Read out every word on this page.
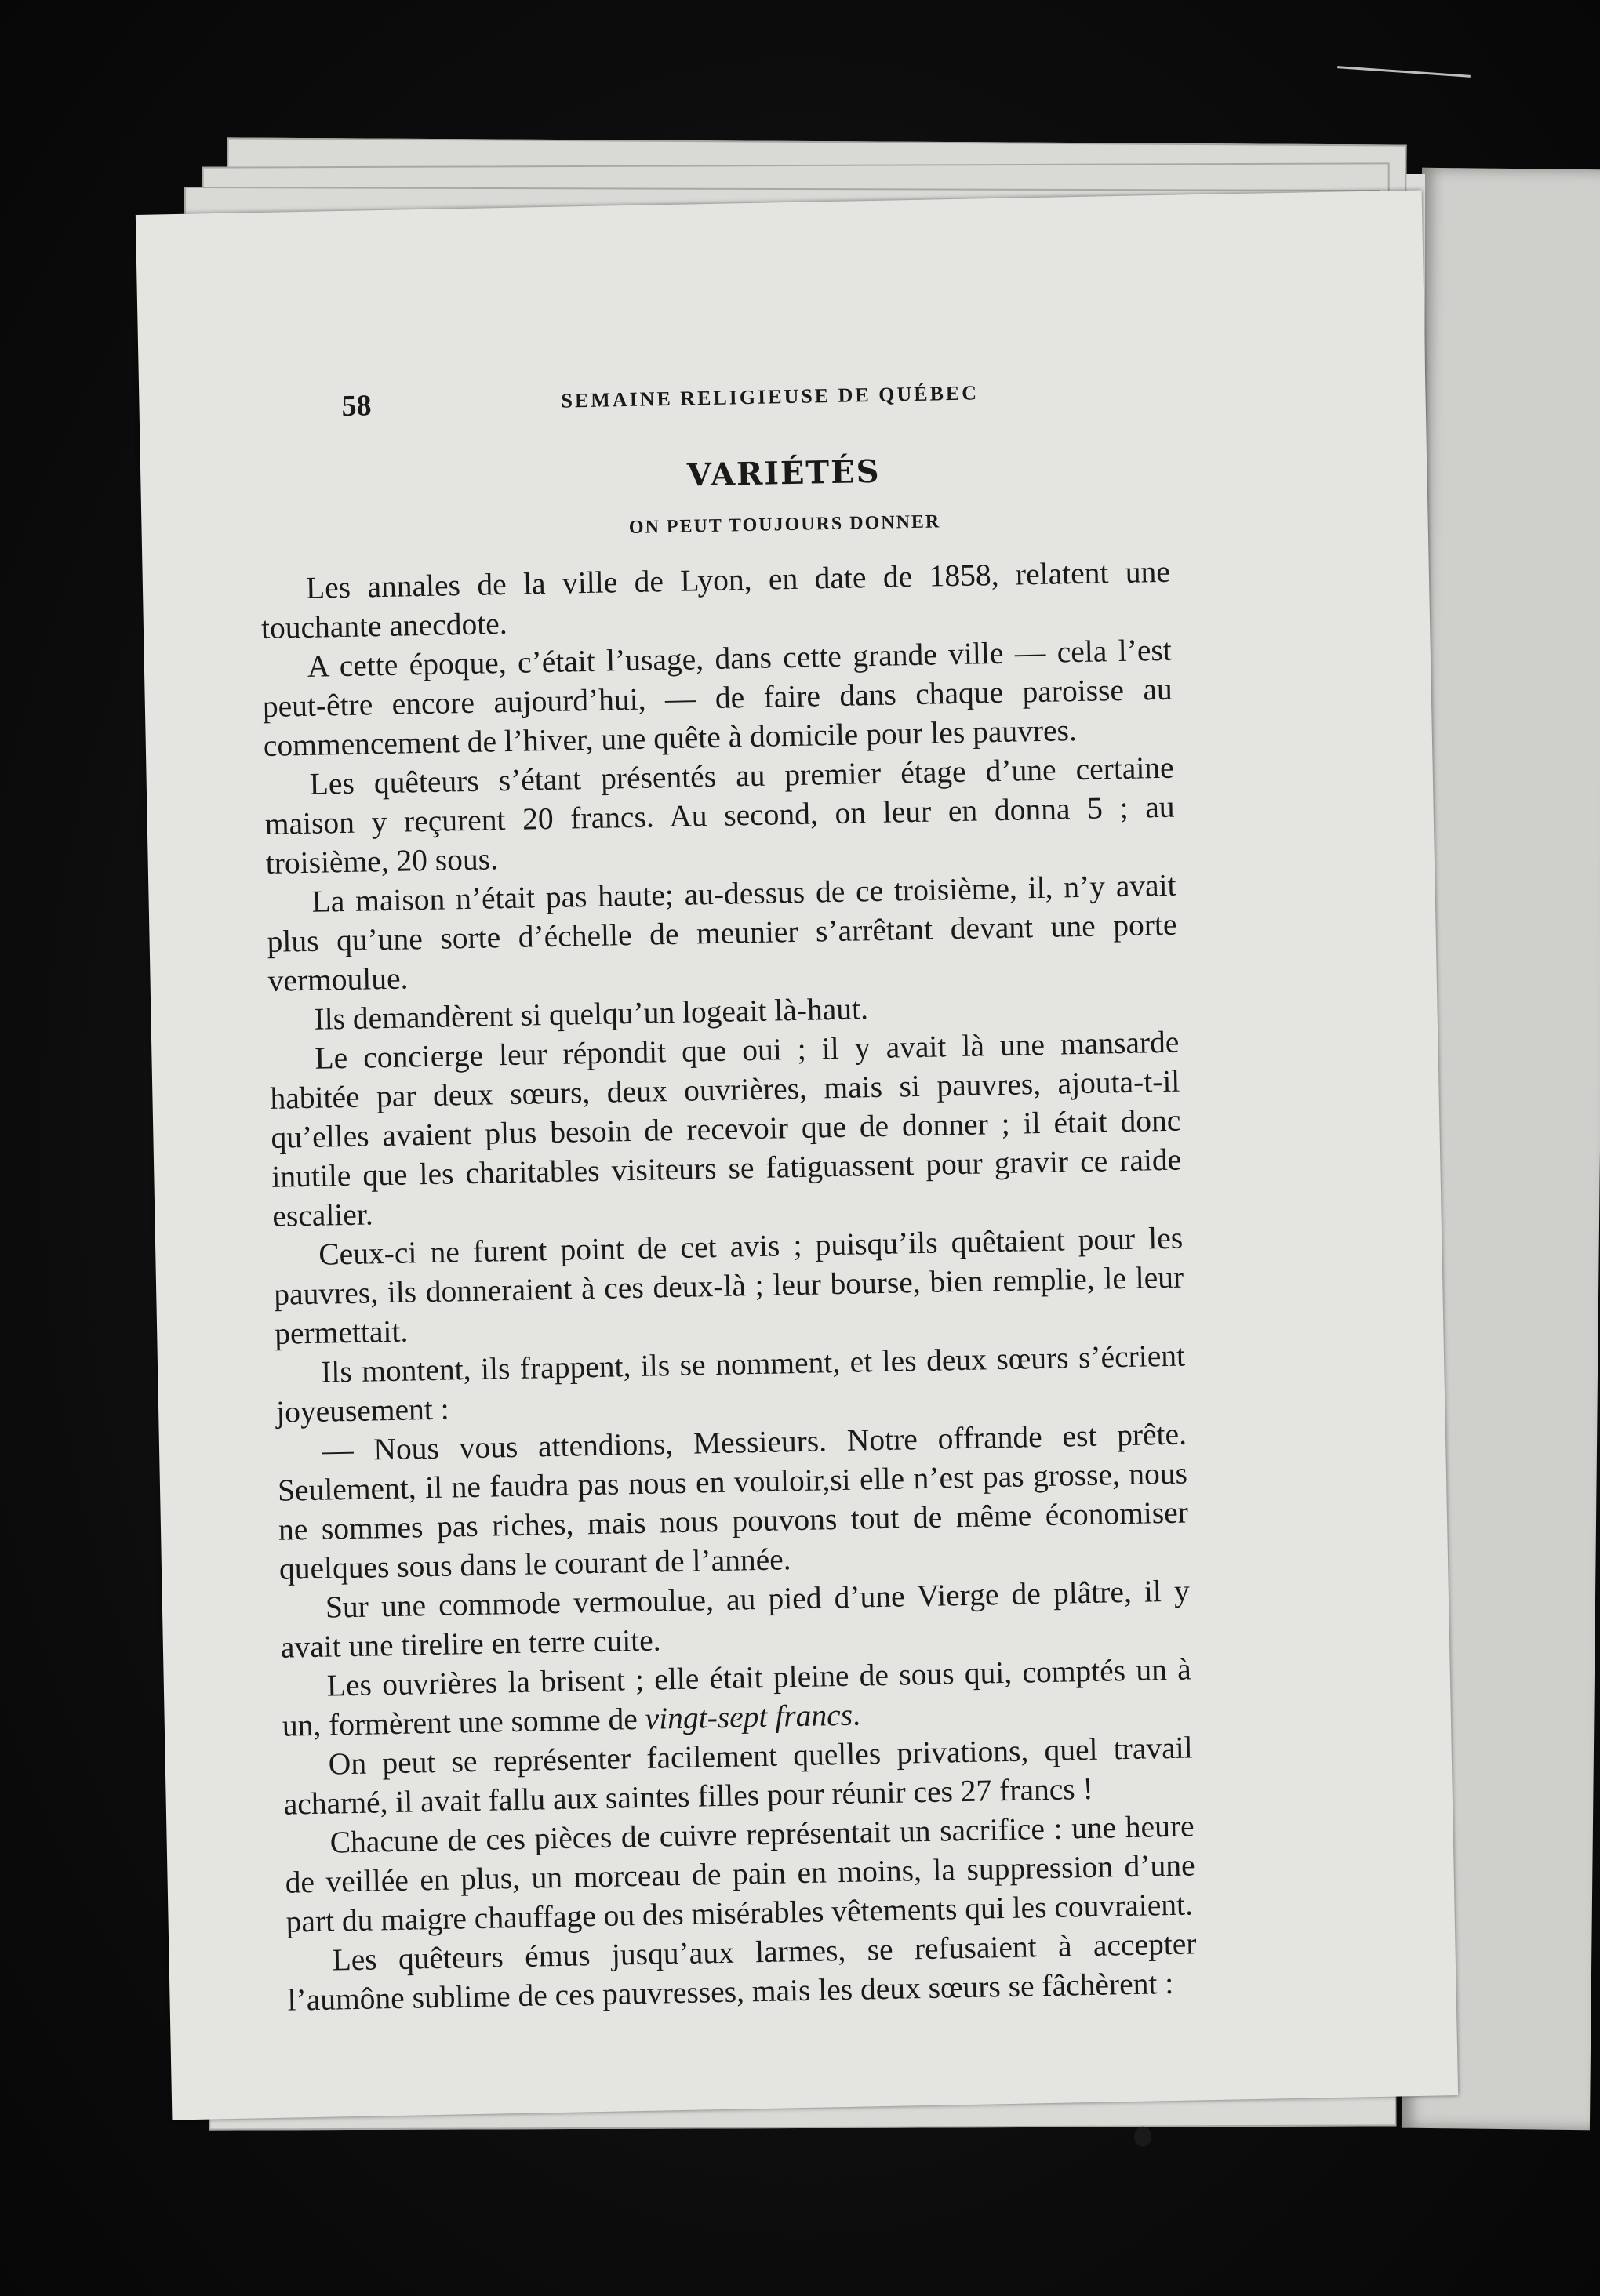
58	SEMAINE RELIGIEUSE DE QUÉBEC
VARIÉTÉS
ON PEUT TOUJOURS DONNER

Les annales de la ville de Lyon, en date de 1858, relatent une touchante anecdote.

A cette époque, c’était l’usage, dans cette grande ville — cela l’est peut-être encore aujourd’hui, — de faire dans chaque paroisse au commencement de l’hiver, une quête à domicile pour les pauvres.

Les quêteurs s’étant présentés au premier étage d’une certaine maison y reçurent 20 francs. Au second, on leur en donna 5 ; au troisième, 20 sous.

La maison n’était pas haute; au-dessus de ce troisième, il, n’y avait plus qu’une sorte d’échelle de meunier s’arrêtant devant une porte vermoulue.

Ils demandèrent si quelqu’un logeait là-haut.

Le concierge leur répondit que oui ; il y avait là une mansarde habitée par deux sœurs, deux ouvrières, mais si pauvres, ajouta-t-il qu’elles avaient plus besoin de recevoir que de donner ; il était donc inutile que les charitables visiteurs se fatiguassent pour gravir ce raide escalier.

Ceux-ci ne furent point de cet avis ; puisqu’ils quêtaient pour les pauvres, ils donneraient à ces deux-là ; leur bourse, bien remplie, le leur permettait.

Ils montent, ils frappent, ils se nomment, et les deux sœurs s’écrient joyeusement :

— Nous vous attendions, Messieurs. Notre offrande est prête. Seulement, il ne faudra pas nous en vouloir,si elle n’est pas grosse, nous ne sommes pas riches, mais nous pouvons tout de même économiser quelques sous dans le courant de l’année.

Sur une commode vermoulue, au pied d’une Vierge de plâtre, il y avait une tirelire en terre cuite.

Les ouvrières la brisent ; elle était pleine de sous qui, comptés un à un, formèrent une somme de vingt-sept francs.

On peut se représenter facilement quelles privations, quel travail acharné, il avait fallu aux saintes filles pour réunir ces 27 francs !

Chacune de ces pièces de cuivre représentait un sacrifice : une heure de veillée en plus, un morceau de pain en moins, la suppression d’une part du maigre chauffage ou des misérables vêtements qui les couvraient.

Les quêteurs émus jusqu’aux larmes, se refusaient à accepter l’aumône sublime de ces pauvresses, mais les deux sœurs se fâchèrent :
